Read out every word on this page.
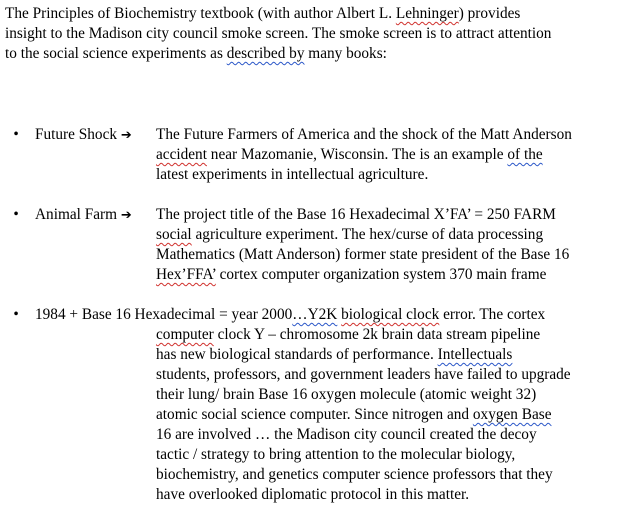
The Principles of Biochemistry textbook (with author Albert L. Lehninger) provides
insight to the Madison city council smoke screen. The smoke screen is to attract attention
to the social science experiments as described by many books:
• Future Shock ➔ The Future Farmers of America and the shock of the Matt Anderson
accident near Mazomanie, Wisconsin. The is an example of the
latest experiments in intellectual agriculture.
• Animal Farm ➔ The project title of the Base 16 Hexadecimal X’FA’ = 250 FARM
social agriculture experiment. The hex/curse of data processing
Mathematics (Matt Anderson) former state president of the Base 16
Hex’FFA’ cortex computer organization system 370 main frame
• 1984 + Base 16 Hexadecimal = year 2000…Y2K biological clock error. The cortex
computer clock Y – chromosome 2k brain data stream pipeline
has new biological standards of performance. Intellectuals
students, professors, and government leaders have failed to upgrade
their lung/ brain Base 16 oxygen molecule (atomic weight 32)
atomic social science computer. Since nitrogen and oxygen Base
16 are involved … the Madison city council created the decoy
tactic / strategy to bring attention to the molecular biology,
biochemistry, and genetics computer science professors that they
have overlooked diplomatic protocol in this matter.
